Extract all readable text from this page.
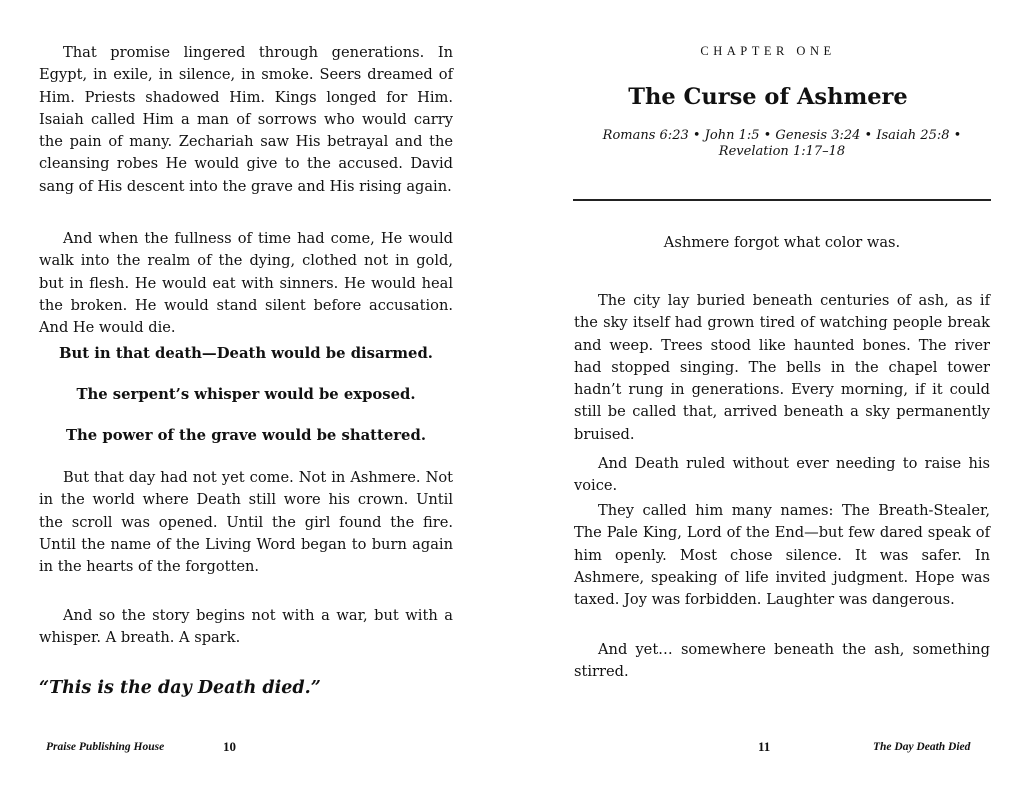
That promise lingered through generations. In Egypt, in exile, in silence, in smoke. Seers dreamed of Him. Priests shadowed Him. Kings longed for Him. Isaiah called Him a man of sorrows who would carry the pain of many. Zechariah saw His betrayal and the cleansing robes He would give to the accused. David sang of His descent into the grave and His rising again.

And when the fullness of time had come, He would walk into the realm of the dying, clothed not in gold, but in flesh. He would eat with sinners. He would heal the broken. He would stand silent before accusation. And He would die.

But in that death—Death would be disarmed.

The serpent’s whisper would be exposed.

The power of the grave would be shattered.

But that day had not yet come. Not in Ashmere. Not in the world where Death still wore his crown. Until the scroll was opened. Until the girl found the fire. Until the name of the Living Word began to burn again in the hearts of the forgotten.

And so the story begins not with a war, but with a whisper. A breath. A spark.

“This is the day Death died.”

Praise Publishing House	10
CHAPTER ONE
The Curse of Ashmere

Romans 6:23 • John 1:5 • Genesis 3:24 • Isaiah 25:8 • Revelation 1:17–18

Ashmere forgot what color was.

The city lay buried beneath centuries of ash, as if the sky itself had grown tired of watching people break and weep. Trees stood like haunted bones. The river had stopped singing. The bells in the chapel tower hadn’t rung in generations. Every morning, if it could still be called that, arrived beneath a sky permanently bruised.

And Death ruled without ever needing to raise his voice.

They called him many names: The Breath-Stealer, The Pale King, Lord of the End—but few dared speak of him openly. Most chose silence. It was safer. In Ashmere, speaking of life invited judgment. Hope was taxed. Joy was forbidden. Laughter was dangerous.

And yet… somewhere beneath the ash, something stirred.

11	The Day Death Died
